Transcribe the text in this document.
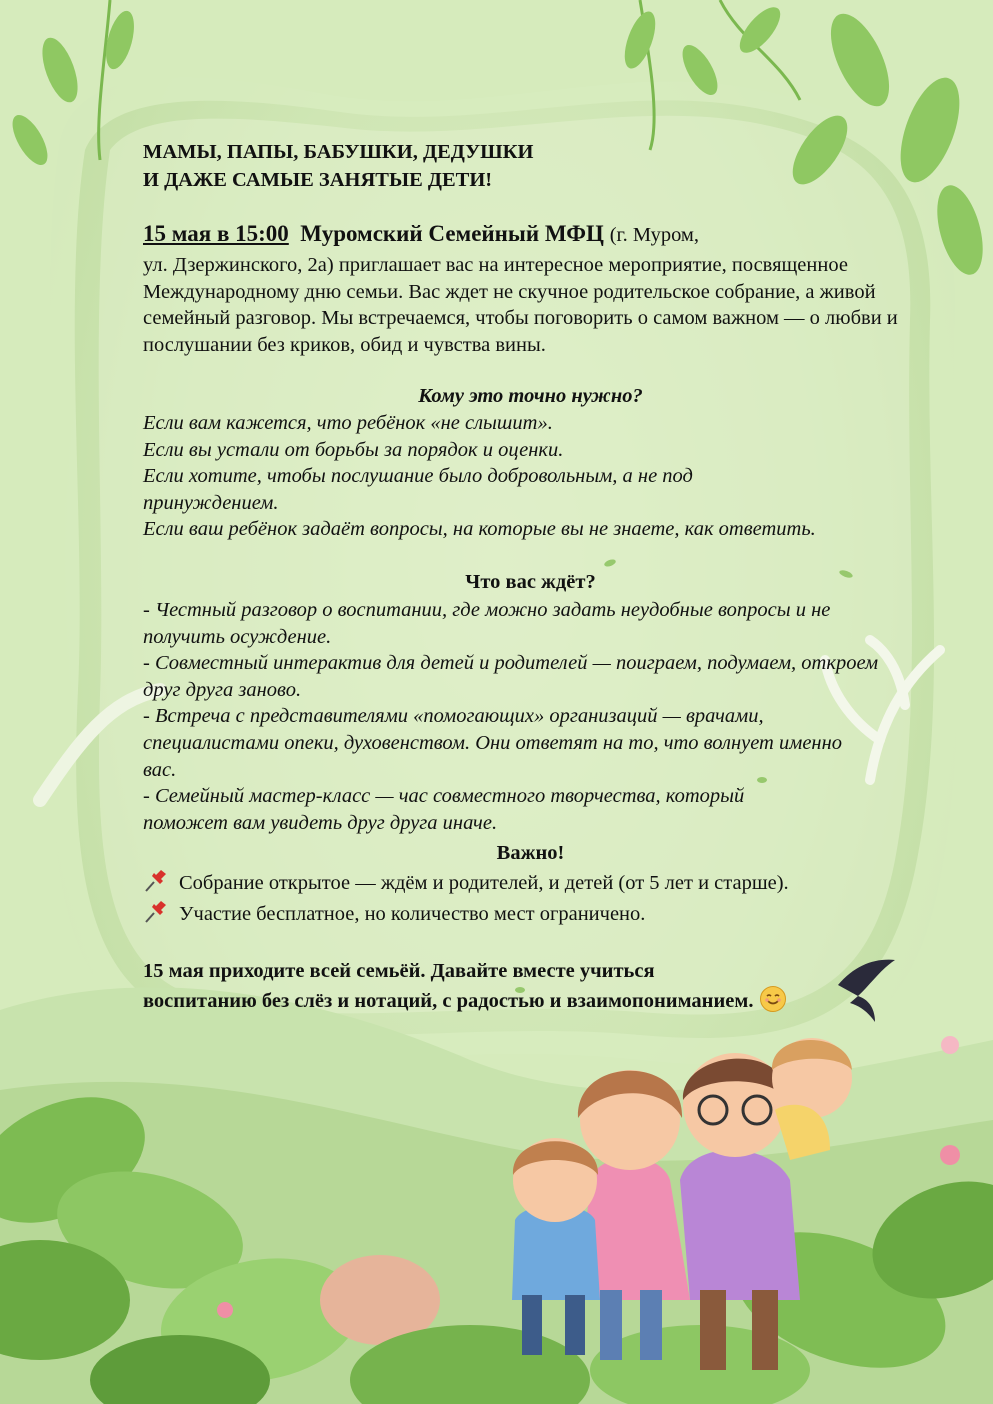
МАМЫ, ПАПЫ, БАБУШКИ, ДЕДУШКИ
И ДАЖЕ САМЫЕ ЗАНЯТЫЕ ДЕТИ!
15 мая в 15:00 Муромский Семейный МФЦ (г. Муром,
ул. Дзержинского, 2а) приглашает вас на интересное мероприятие, посвященное Международному дню семьи. Вас ждет не скучное родительское собрание, а живой семейный разговор. Мы встречаемся, чтобы поговорить о самом важном — о любви и послушании без криков, обид и чувства вины.
Кому это точно нужно?
Если вам кажется, что ребёнок «не слышит».
Если вы устали от борьбы за порядок и оценки.
Если хотите, чтобы послушание было добровольным, а не под принуждением.
Если ваш ребёнок задаёт вопросы, на которые вы не знаете, как ответить.
Что вас ждёт?
- Честный разговор о воспитании, где можно задать неудобные вопросы и не получить осуждение.
- Совместный интерактив для детей и родителей — поиграем, подумаем, откроем друг друга заново.
- Встреча с представителями «помогающих» организаций — врачами, специалистами опеки, духовенством. Они ответят на то, что волнует именно вас.
- Семейный мастер-класс — час совместного творчества, который поможет вам увидеть друг друга иначе.
Важно!
Собрание открытое — ждём и родителей, и детей (от 5 лет и старше).
Участие бесплатное, но количество мест ограничено.
15 мая приходите всей семьёй. Давайте вместе учиться
воспитанию без слёз и нотаций, с радостью и взаимопониманием.
